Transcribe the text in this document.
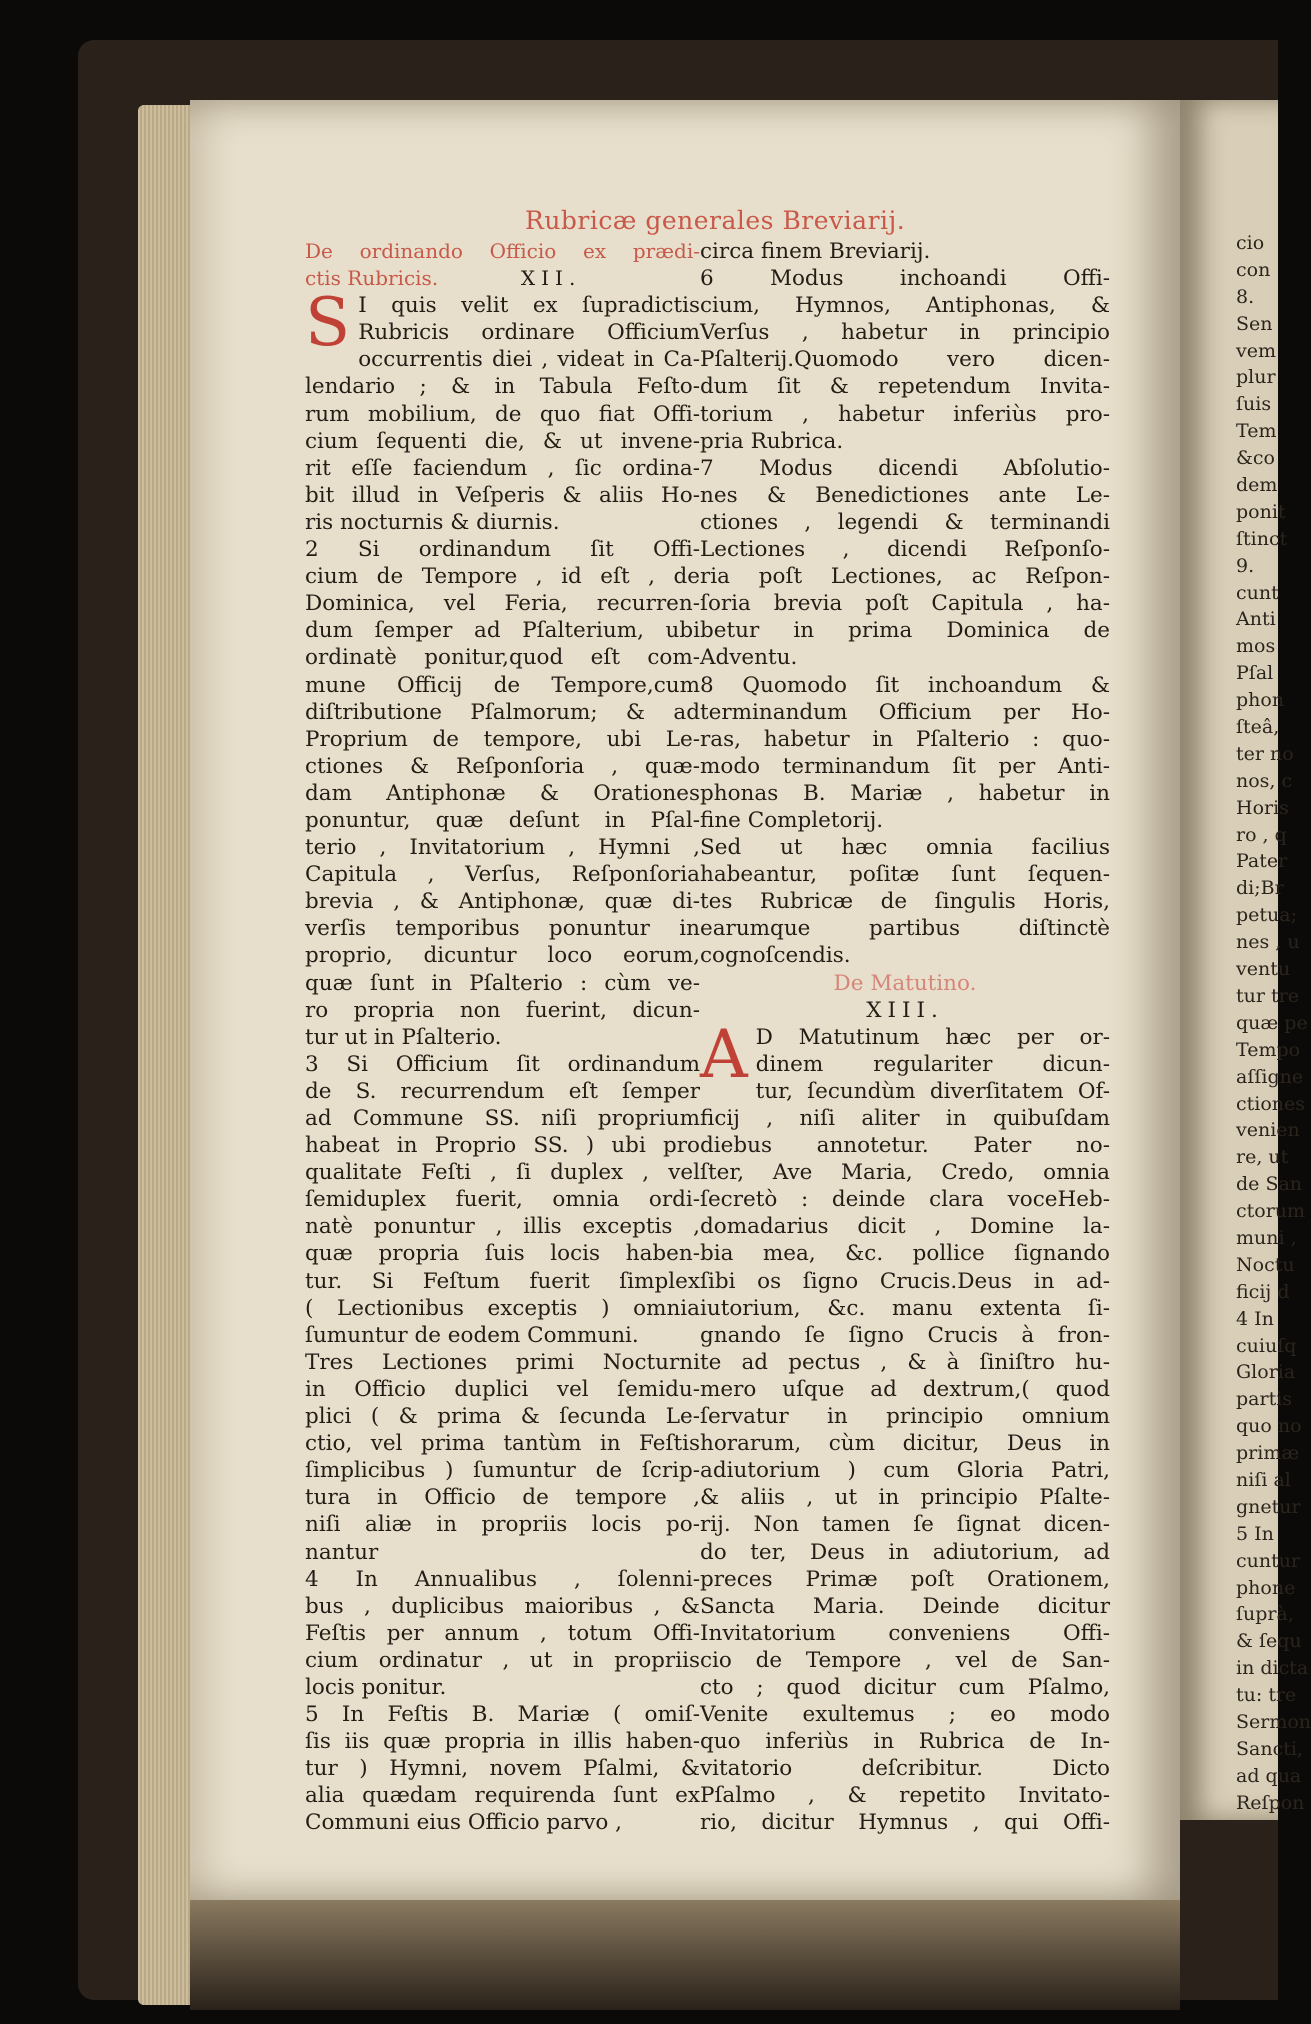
cio
con
8.
Sen
vem
plur
ſuis
Tem
&co
dem
ponit
ſtinct
9.
cunt
Anti
mos
Pſal
phon
ſteâ,
ter no
nos, c
Horis
ro , q
Pater
di;Br
petua;
nes , u
ventu
tur tre
quæ pe
Tempo
aſſigne
ctiones
venien
re, ut
de San
ctorum
muni ,
Noctu
ficij d
4 In
cuiuſq
Gloria
partis
quo no
primæ
niſi al
gnetur
5 In
cuntur
phone
ſuprà,
& ſequ
in dicta
tu: tre
Sermon
Sancti,
ad qua
Reſpon
Rubricæ generales Breviarij.
De ordinando Officio ex prædi-
ctis Rubricis.	XII.
S I quis velit ex ſupradictis
Rubricis ordinare Officium
occurrentis diei , videat in Ca-
lendario ; & in Tabula Feſto-
rum mobilium, de quo fiat Offi-
cium ſequenti die, & ut invene-
rit eſſe faciendum , ſic ordina-
bit illud in Veſperis & aliis Ho-
ris nocturnis & diurnis.
2 Si ordinandum ſit Offi-
cium de Tempore , id eſt , de
Dominica, vel Feria, recurren-
dum ſemper ad Pſalterium, ubi
ordinatè ponitur,quod eſt com-
mune Officij de Tempore,cum
diſtributione Pſalmorum; & ad
Proprium de tempore, ubi Le-
ctiones & Reſponſoria , quæ-
dam Antiphonæ & Orationes
ponuntur, quæ deſunt in Pſal-
terio , Invitatorium , Hymni ,
Capitula , Verſus, Reſponſoria
brevia , & Antiphonæ, quæ di-
verſis temporibus ponuntur in
proprio, dicuntur loco eorum,
quæ ſunt in Pſalterio : cùm ve-
ro propria non fuerint, dicun-
tur ut in Pſalterio.
3 Si Officium ſit ordinandum
de S. recurrendum eſt ſemper
ad Commune SS. niſi proprium
habeat in Proprio SS. ) ubi pro
qualitate Feſti , ſi duplex , vel
ſemiduplex fuerit, omnia ordi-
natè ponuntur , illis exceptis ,
quæ propria ſuis locis haben-
tur. Si Feſtum fuerit ſimplex
( Lectionibus exceptis ) omnia
ſumuntur de eodem Communi.
Tres Lectiones primi Nocturni
in Officio duplici vel ſemidu-
plici ( & prima & ſecunda Le-
ctio, vel prima tantùm in Feſtis
ſimplicibus ) ſumuntur de ſcrip-
tura in Officio de tempore ,
niſi aliæ in propriis locis po-
nantur
4 In Annualibus , ſolenni-
bus , duplicibus maioribus , &
Feſtis per annum , totum Offi-
cium ordinatur , ut in propriis
locis ponitur.
5 In Feſtis B. Mariæ ( omiſ-
ſis iis quæ propria in illis haben-
tur ) Hymni, novem Pſalmi, &
alia quædam requirenda ſunt ex
Communi eius Officio parvo ,
circa finem Breviarij.
6 Modus inchoandi Offi-
cium, Hymnos, Antiphonas, &
Verſus , habetur in principio
Pſalterij.Quomodo vero dicen-
dum ſit & repetendum Invita-
torium , habetur inferiùs pro-
pria Rubrica.
7 Modus dicendi Abſolutio-
nes & Benedictiones ante Le-
ctiones , legendi & terminandi
Lectiones , dicendi Reſponſo-
ria poſt Lectiones, ac Reſpon-
ſoria brevia poſt Capitula , ha-
betur in prima Dominica de
Adventu.
8 Quomodo ſit inchoandum &
terminandum Officium per Ho-
ras, habetur in Pſalterio : quo-
modo terminandum ſit per Anti-
phonas B. Mariæ , habetur in
fine Completorij.
Sed ut hæc omnia facilius
habeantur, poſitæ ſunt ſequen-
tes Rubricæ de ſingulis Horis,
earumque partibus diſtinctè
cognoſcendis.
De Matutino.
XIII.
A D Matutinum hæc per or-
dinem regulariter dicun-
tur, ſecundùm diverſitatem Of-
ficij , niſi aliter in quibuſdam
diebus annotetur. Pater no-
ſter, Ave Maria, Credo, omnia
ſecretò : deinde clara voceHeb-
domadarius dicit , Domine la-
bia mea, &c. pollice ſignando
ſibi os ſigno Crucis.Deus in ad-
iutorium, &c. manu extenta ſi-
gnando ſe ſigno Crucis à fron-
te ad pectus , & à ſiniſtro hu-
mero uſque ad dextrum,( quod
ſervatur in principio omnium
horarum, cùm dicitur, Deus in
adiutorium ) cum Gloria Patri,
& aliis , ut in principio Pſalte-
rij. Non tamen ſe ſignat dicen-
do ter, Deus in adiutorium, ad
preces Primæ poſt Orationem,
Sancta Maria. Deinde dicitur
Invitatorium conveniens Offi-
cio de Tempore , vel de San-
cto ; quod dicitur cum Pſalmo,
Venite exultemus ; eo modo
quo inferiùs in Rubrica de In-
vitatorio deſcribitur. Dicto
Pſalmo , & repetito Invitato-
rio, dicitur Hymnus , qui Offi-
